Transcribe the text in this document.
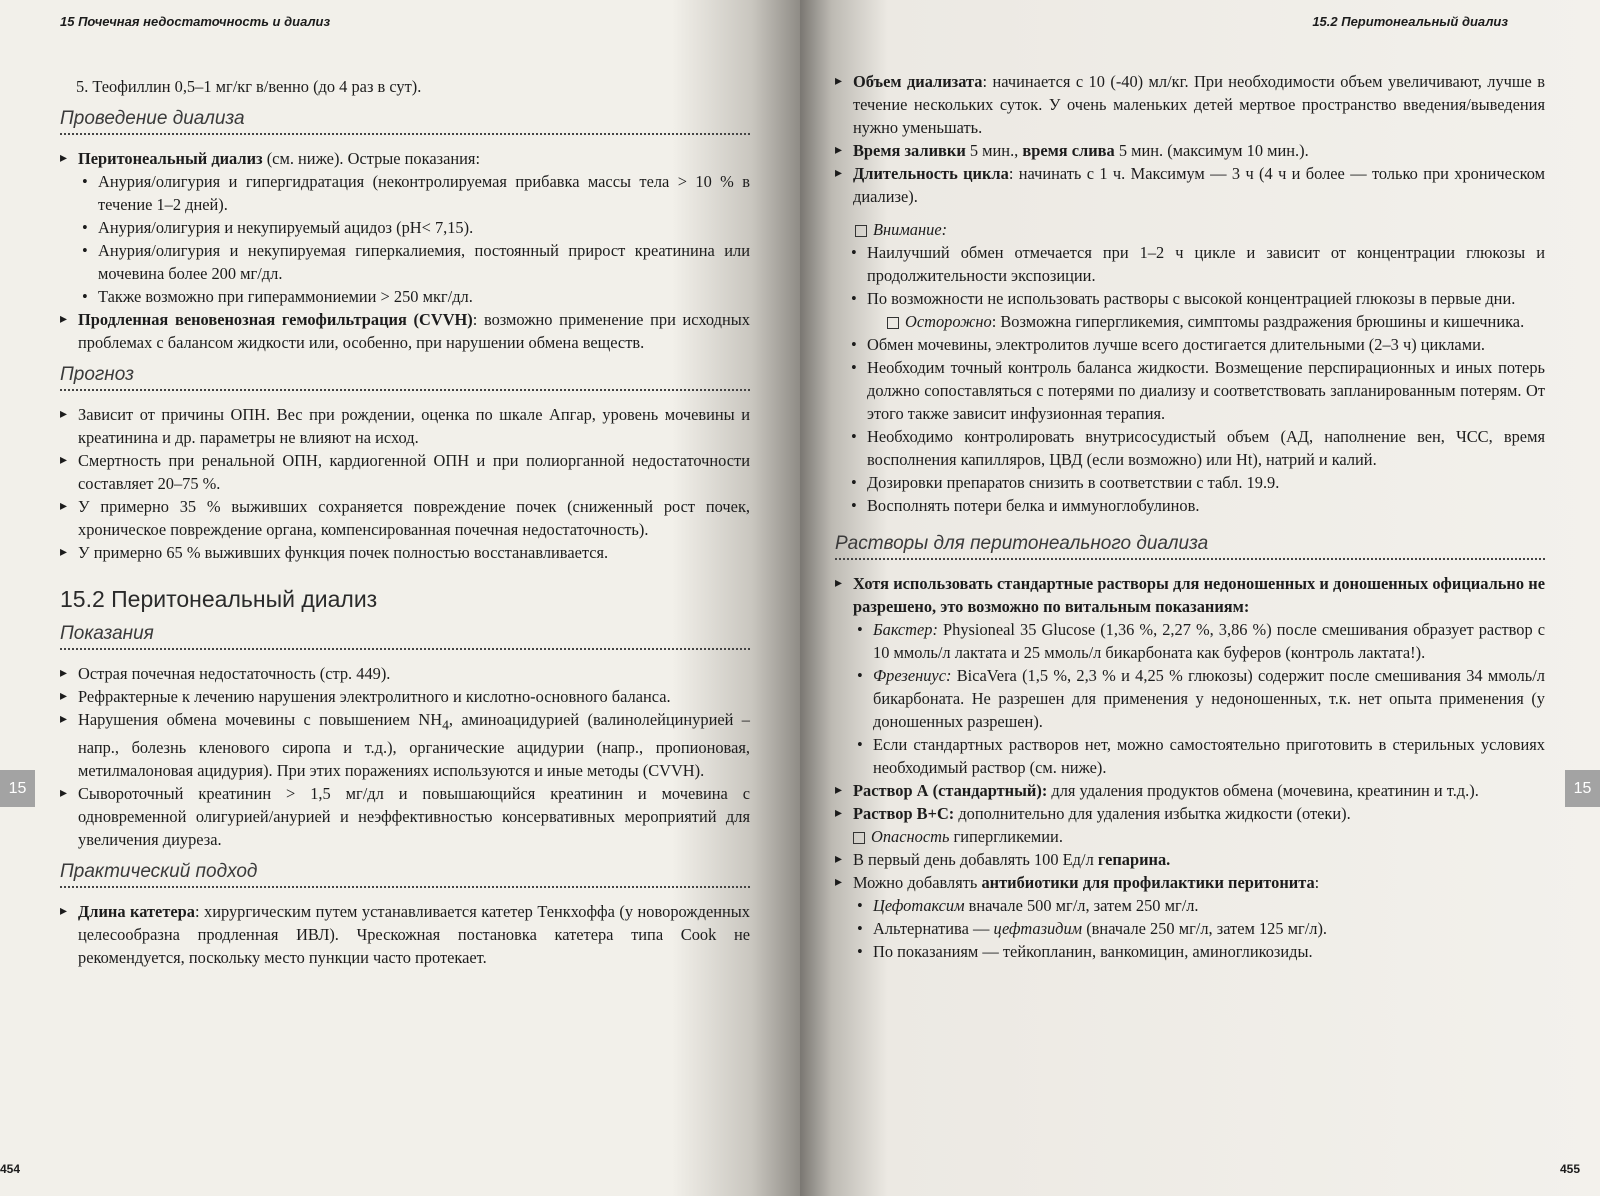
15 Почечная недостаточность и диализ

5. Теофиллин 0,5–1 мг/кг в/венно (до 4 раз в сут).

Проведение диализа
▸ Перитонеальный диализ (см. ниже). Острые показания:
• Анурия/олигурия и гипергидратация (неконтролируемая прибавка массы тела > 10 % в течение 1–2 дней).
• Анурия/олигурия и некупируемый ацидоз (pH< 7,15).
• Анурия/олигурия и некупируемая гиперкалиемия, постоянный прирост креатинина или мочевина более 200 мг/дл.
• Также возможно при гипераммониемии > 250 мкг/дл.
▸ Продленная веновенозная гемофильтрация (CVVH): возможно применение при исходных проблемах с балансом жидкости или, особенно, при нарушении обмена веществ.
Прогноз
▸ Зависит от причины ОПН. Вес при рождении, оценка по шкале Апгар, уровень мочевины и креатинина и др. параметры не влияют на исход.
▸ Смертность при ренальной ОПН, кардиогенной ОПН и при полиорганной недостаточности составляет 20–75 %.
▸ У примерно 35 % выживших сохраняется повреждение почек (сниженный рост почек, хроническое повреждение органа, компенсированная почечная недостаточность).
▸ У примерно 65 % выживших функция почек полностью восстанавливается.
15.2 Перитонеальный диализ
Показания
▸ Острая почечная недостаточность (стр. 449).
▸ Рефрактерные к лечению нарушения электролитного и кислотно-основного баланса.
▸ Нарушения обмена мочевины с повышением $NH_4$, аминоацидурией (валинолейцинурией – напр., болезнь кленового сиропа и т.д.), органические ацидурии (напр., пропионовая, метилмалоновая ацидурия). При этих поражениях используются и иные методы (CVVH).
▸ Сывороточный креатинин > 1,5 мг/дл и повышающийся креатинин и мочевина с одновременной олигурией/анурией и неэффективностью консервативных мероприятий для увеличения диуреза.
Практический подход
▸ Длина катетера: хирургическим путем устанавливается катетер Тенкхоффа (у новорожденных целесообразна продленная ИВЛ). Чрескожная постановка катетера типа Cook не рекомендуется, поскольку место пункции часто протекает.
15
454
15.2 Перитонеальный диализ
▸ Объем диализата: начинается с 10 (-40) мл/кг. При необходимости объем увеличивают, лучше в течение нескольких суток. У очень маленьких детей мертвое пространство введения/выведения нужно уменьшать.
▸ Время заливки 5 мин., время слива 5 мин. (максимум 10 мин.).
▸ Длительность цикла: начинать с 1 ч. Максимум — 3 ч (4 ч и более — только при хроническом диализе).

Внимание:

• Наилучший обмен отмечается при 1–2 ч цикле и зависит от концентрации глюкозы и продолжительности экспозиции.
• По возможности не использовать растворы с высокой концентрацией глюкозы в первые дни.
Осторожно: Возможна гипергликемия, симптомы раздражения брюшины и кишечника.
• Обмен мочевины, электролитов лучше всего достигается длительными (2–3 ч) циклами.
• Необходим точный контроль баланса жидкости. Возмещение перспирационных и иных потерь должно сопоставляться с потерями по диализу и соответствовать запланированным потерям. От этого также зависит инфузионная терапия.
• Необходимо контролировать внутрисосудистый объем (АД, наполнение вен, ЧСС, время восполнения капилляров, ЦВД (если возможно) или Ht), натрий и калий.
• Дозировки препаратов снизить в соответствии с табл. 19.9.
• Восполнять потери белка и иммуноглобулинов.
Растворы для перитонеального диализа
▸ Хотя использовать стандартные растворы для недоношенных и доношенных официально не разрешено, это возможно по витальным показаниям:
• Бакстер: Physioneal 35 Glucose (1,36 %, 2,27 %, 3,86 %) после смешивания образует раствор с 10 ммоль/л лактата и 25 ммоль/л бикарбоната как буферов (контроль лактата!).
• Фрезениус: BicaVera (1,5 %, 2,3 % и 4,25 % глюкозы) содержит после смешивания 34 ммоль/л бикарбоната. Не разрешен для применения у недоношенных, т.к. нет опыта применения (у доношенных разрешен).
• Если стандартных растворов нет, можно самостоятельно приготовить в стерильных условиях необходимый раствор (см. ниже).
▸ Раствор А (стандартный): для удаления продуктов обмена (мочевина, креатинин и т.д.).
▸ Раствор В+С: дополнительно для удаления избытка жидкости (отеки).
Опасность гипергликемии.
▸ В первый день добавлять 100 Ед/л гепарина.
▸ Можно добавлять антибиотики для профилактики перитонита:
• Цефотаксим вначале 500 мг/л, затем 250 мг/л.
• Альтернатива — цефтазидим (вначале 250 мг/л, затем 125 мг/л).
• По показаниям — тейкопланин, ванкомицин, аминогликозиды.
15
455
